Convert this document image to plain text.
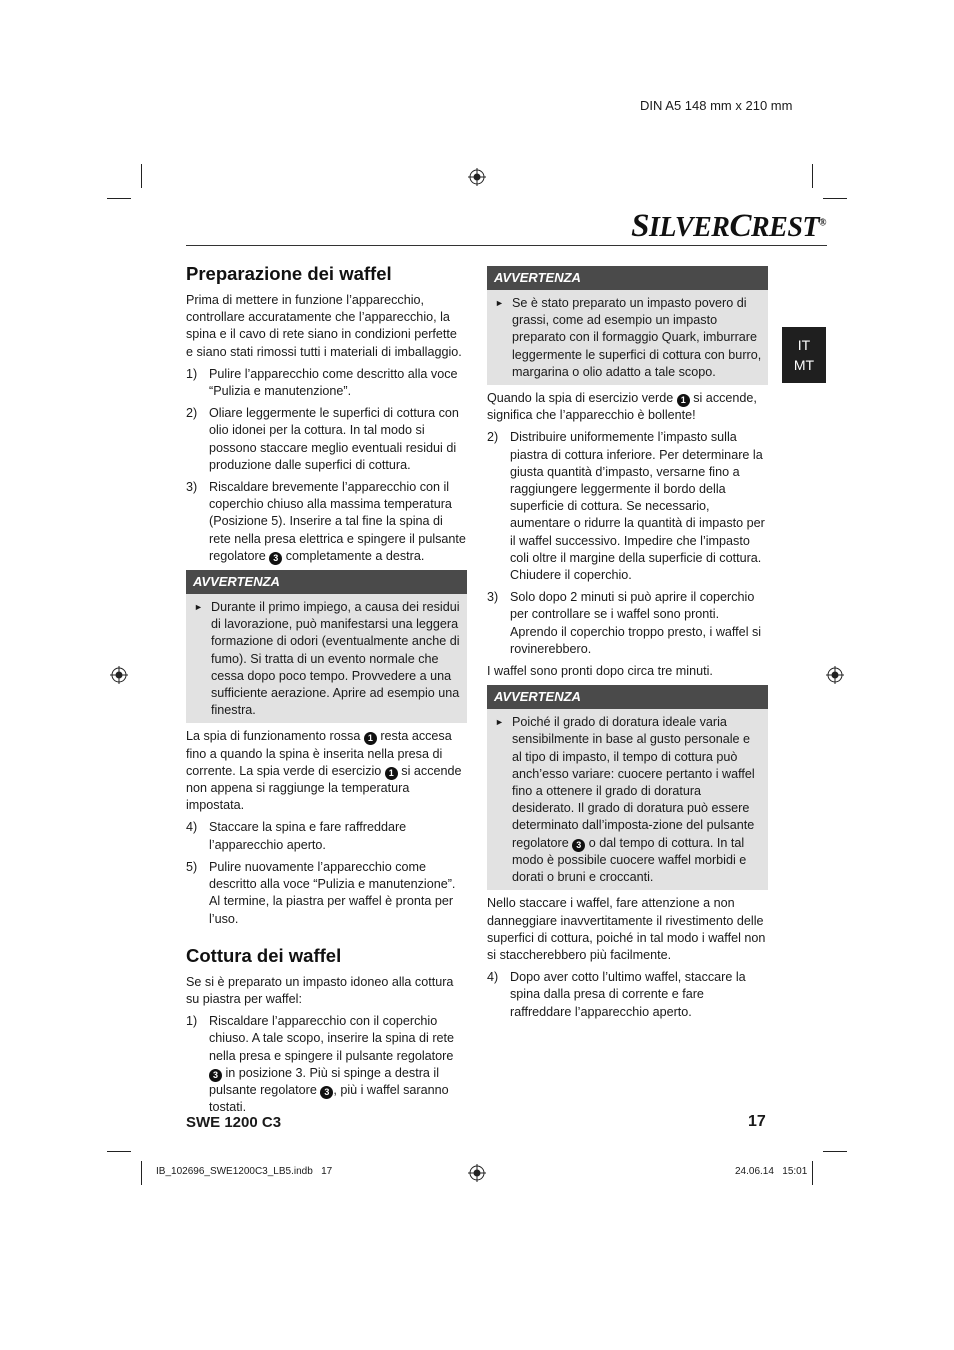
DIN A5 148 mm x 210 mm
SILVERCREST®
IT
MT
Preparazione dei waffel

Prima di mettere in funzione l’apparecchio, controllare accuratamente che l’apparecchio, la spina e il cavo di rete siano in condizioni perfette e siano stati rimossi tutti i materiali di imballaggio.

1) Pulire l’apparecchio come descritto alla voce “Pulizia e manutenzione”.
2) Oliare leggermente le superfici di cottura con olio idonei per la cottura. In tal modo si possono staccare meglio eventuali residui di produzione dalle superfici di cottura.
3) Riscaldare brevemente l’apparecchio con il coperchio chiuso alla massima temperatura (Posizione 5). Inserire a tal fine la spina di rete nella presa elettrica e spingere il pulsante regolatore 3 completamente a destra.
AVVERTENZA
► Durante il primo impiego, a causa dei residui di lavorazione, può manifestarsi una leggera formazione di odori (eventualmente anche di fumo). Si tratta di un evento normale che cessa dopo poco tempo. Provvedere a una sufficiente aerazione. Aprire ad esempio una finestra.

La spia di funzionamento rossa 1 resta accesa fino a quando la spina è inserita nella presa di corrente. La spia verde di esercizio 1 si accende non appena si raggiunge la temperatura impostata.

4) Staccare la spina e fare raffreddare l’apparecchio aperto.
5) Pulire nuovamente l’apparecchio come descritto alla voce “Pulizia e manutenzione”. Al termine, la piastra per waffel è pronta per l’uso.
Cottura dei waffel

Se si è preparato un impasto idoneo alla cottura su piastra per waffel:

1) Riscaldare l’apparecchio con il coperchio chiuso. A tale scopo, inserire la spina di rete nella presa e spingere il pulsante regolatore 3 in posizione 3. Più si spinge a destra il pulsante regolatore 3 , più i waffel saranno tostati.
AVVERTENZA
► Se è stato preparato un impasto povero di grassi, come ad esempio un impasto preparato con il formaggio Quark, imburrare leggermente le superfici di cottura con burro, margarina o olio adatto a tale scopo.

Quando la spia di esercizio verde 1 si accende, significa che l’apparecchio è bollente!

2) Distribuire uniformemente l’impasto sulla piastra di cottura inferiore. Per determinare la giusta quantità d’impasto, versarne fino a raggiungere leggermente il bordo della superficie di cottura. Se necessario, aumentare o ridurre la quantità di impasto per il waffel successivo. Impedire che l’impasto coli oltre il margine della superficie di cottura. Chiudere il coperchio.
3) Solo dopo 2 minuti si può aprire il coperchio per controllare se i waffel sono pronti. Aprendo il coperchio troppo presto, i waffel si rovinerebbero.

I waffel sono pronti dopo circa tre minuti.

AVVERTENZA
► Poiché il grado di doratura ideale varia sensibilmente in base al gusto personale e al tipo di impasto, il tempo di cottura può anch’esso variare: cuocere pertanto i waffel fino a ottenere il grado di doratura desiderato. Il grado di doratura può essere determinato dall’imposta-zione del pulsante regolatore 3 o dal tempo di cottura. In tal modo è possibile cuocere waffel morbidi e dorati o bruni e croccanti.

Nello staccare i waffel, fare attenzione a non danneggiare inavvertitamente il rivestimento delle superfici di cottura, poiché in tal modo i waffel non si staccherebbero più facilmente.

4) Dopo aver cotto l’ultimo waffel, staccare la spina dalla presa di corrente e fare raffreddare l’apparecchio aperto.
SWE 1200 C3	17
IB_102696_SWE1200C3_LB5.indb   17	24.06.14   15:01
